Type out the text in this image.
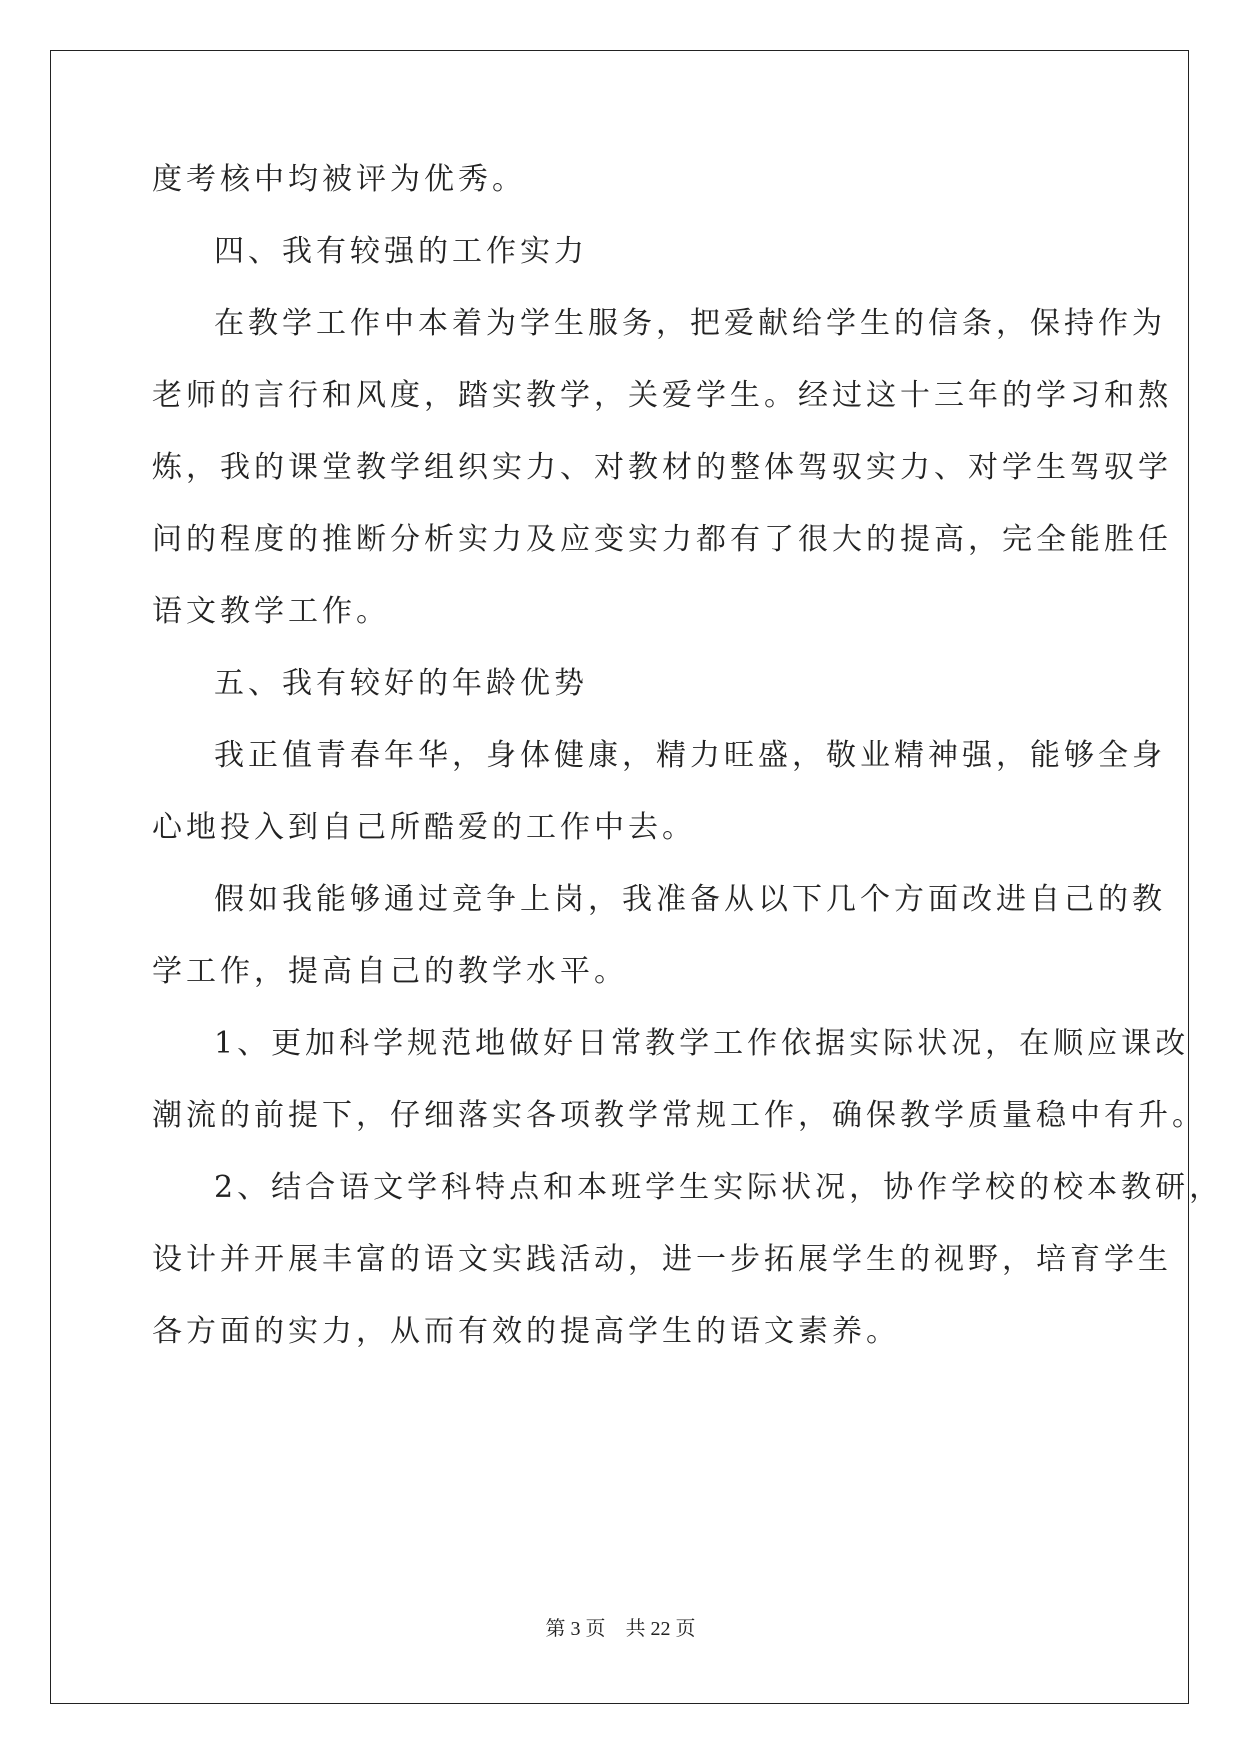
度考核中均被评为优秀。
四、我有较强的工作实力
在教学工作中本着为学生服务，把爱献给学生的信条，保持作为
老师的言行和风度，踏实教学，关爱学生。经过这十三年的学习和熬
炼，我的课堂教学组织实力、对教材的整体驾驭实力、对学生驾驭学
问的程度的推断分析实力及应变实力都有了很大的提高，完全能胜任
语文教学工作。
五、我有较好的年龄优势
我正值青春年华，身体健康，精力旺盛，敬业精神强，能够全身
心地投入到自己所酷爱的工作中去。
假如我能够通过竞争上岗，我准备从以下几个方面改进自己的教
学工作，提高自己的教学水平。
1、更加科学规范地做好日常教学工作依据实际状况，在顺应课改
潮流的前提下，仔细落实各项教学常规工作，确保教学质量稳中有升。
2、结合语文学科特点和本班学生实际状况，协作学校的校本教研，
设计并开展丰富的语文实践活动，进一步拓展学生的视野，培育学生
各方面的实力，从而有效的提高学生的语文素养。
第 3 页    共 22 页
